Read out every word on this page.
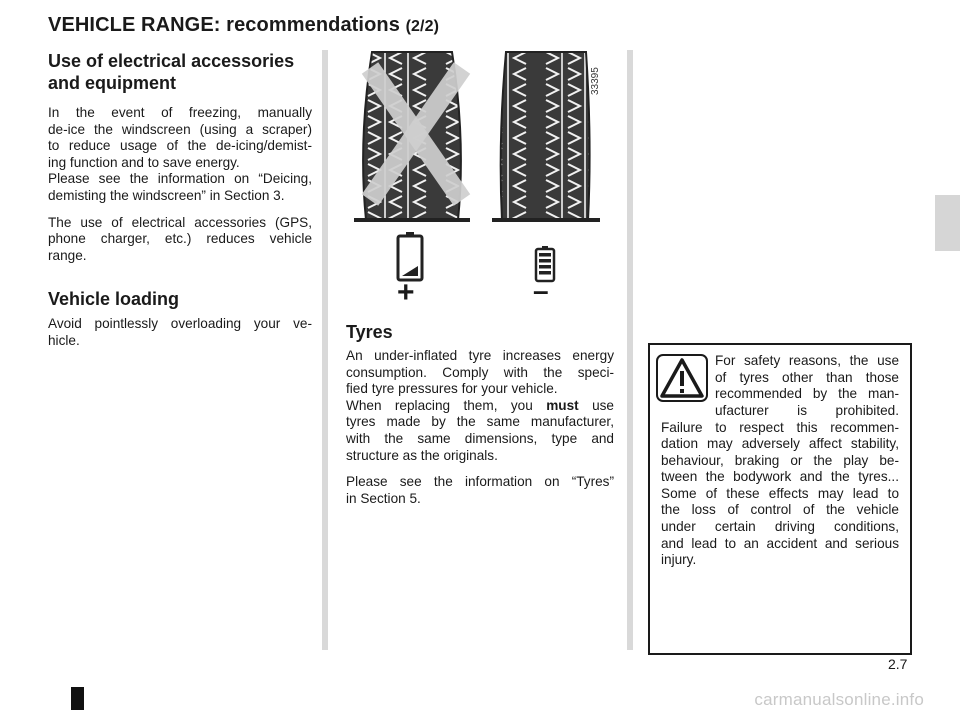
VEHICLE RANGE: recommendations (2/2)
Use of electrical accessories
and equipment
In the event of freezing, manually
de-ice the windscreen (using a scraper)
to reduce usage of the de-icing/demist-
ing function and to save energy.
Please see the information on “Deicing,
demisting the windscreen” in Section 3.
The use of electrical accessories (GPS,
phone charger, etc.) reduces vehicle
range.
Vehicle loading
Avoid pointlessly overloading your ve-
hicle.
+	–
33395
Tyres
An under-inflated tyre increases energy
consumption. Comply with the speci-
fied tyre pressures for your vehicle.
When replacing them, you must use
tyres made by the same manufacturer,
with the same dimensions, type and
structure as the originals.
Please see the information on “Tyres”
in Section 5.
For safety reasons, the use
of tyres other than those
recommended by the man-
ufacturer is prohibited.
Failure to respect this recommen-
dation may adversely affect stability,
behaviour, braking or the play be-
tween the bodywork and the tyres...
Some of these effects may lead to
the loss of control of the vehicle
under certain driving conditions,
and lead to an accident and serious
injury.
2.7
carmanualsonline.info
